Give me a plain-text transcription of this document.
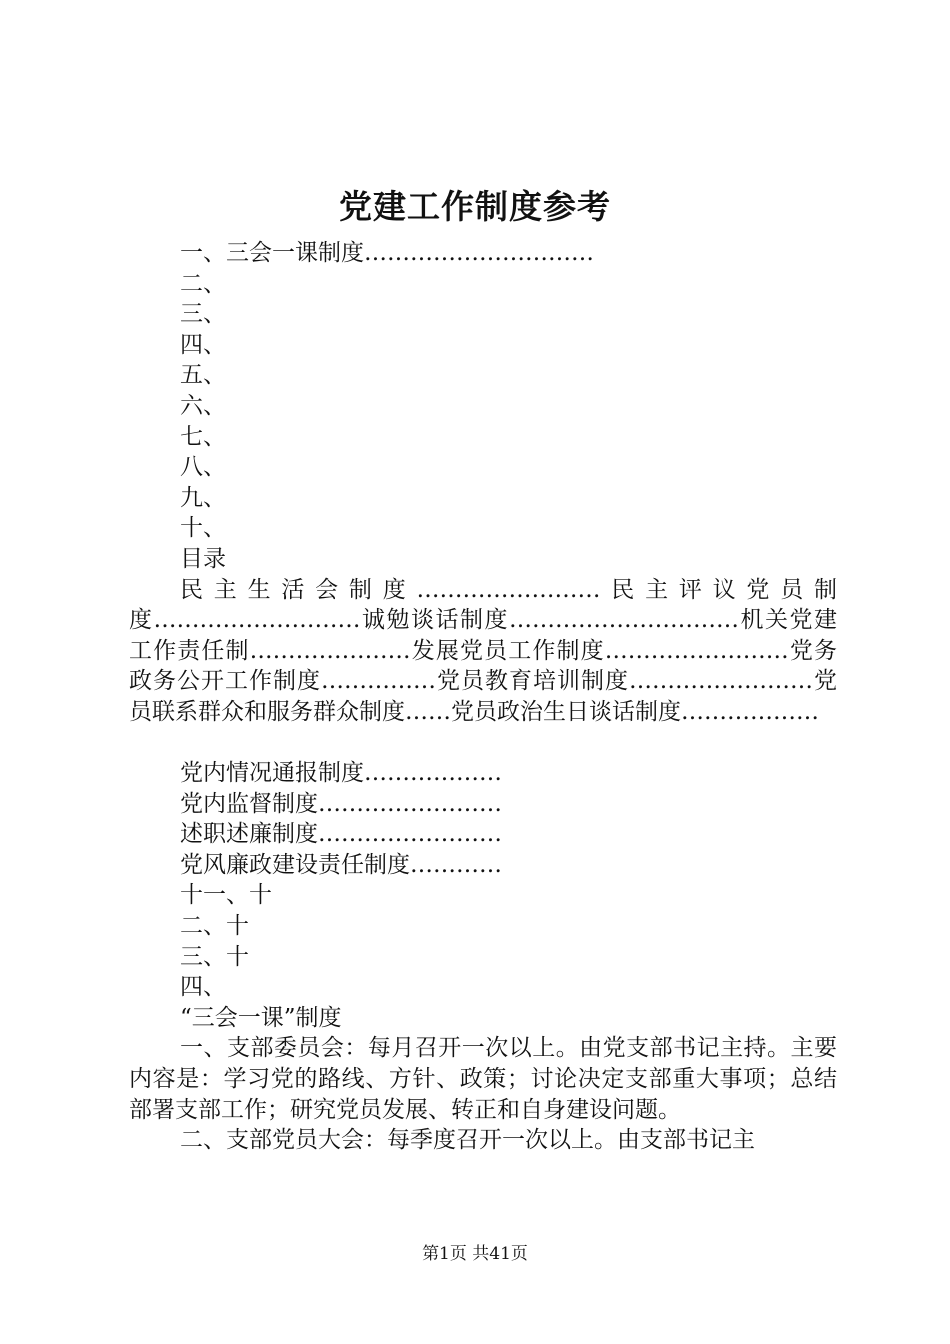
党建工作制度参考
一、三会一课制度…………………………
二、
三、
四、
五、
六、
七、
八、
九、
十、
目录
民主生活会制度……………………民主评议党员制度………………………诚勉谈话制度…………………………机关党建工作责任制…………………发展党员工作制度……………………党务政务公开工作制度……………党员教育培训制度……………………党员联系群众和服务群众制度……党员政治生日谈话制度………………
党内情况通报制度………………
党内监督制度……………………
述职述廉制度……………………
党风廉政建设责任制度…………
十一、十
二、十
三、十
四、
“三会一课”制度
一、支部委员会：每月召开一次以上。由党支部书记主持。主要内容是：学习党的路线、方针、政策；讨论决定支部重大事项；总结部署支部工作；研究党员发展、转正和自身建设问题。
二、支部党员大会：每季度召开一次以上。由支部书记主
第1页 共41页
